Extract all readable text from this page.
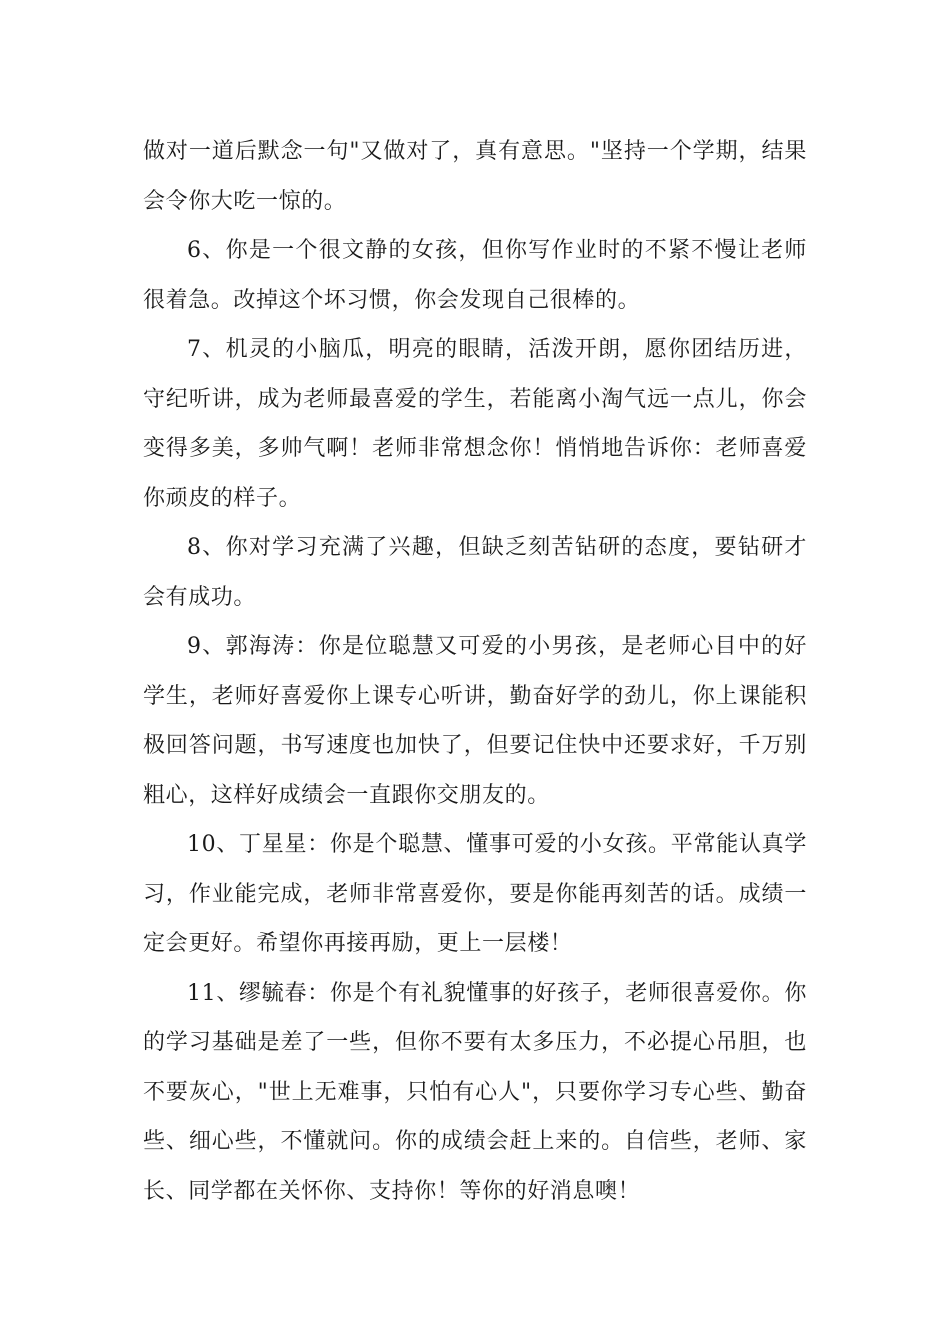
做对一道后默念一句"又做对了，真有意思。"坚持一个学期，结果会令你大吃一惊的。

6、你是一个很文静的女孩，但你写作业时的不紧不慢让老师很着急。改掉这个坏习惯，你会发现自己很棒的。

7、机灵的小脑瓜，明亮的眼睛，活泼开朗，愿你团结历进，守纪听讲，成为老师最喜爱的学生，若能离小淘气远一点儿，你会变得多美，多帅气啊！老师非常想念你！悄悄地告诉你：老师喜爱你顽皮的样子。

8、你对学习充满了兴趣，但缺乏刻苦钻研的态度，要钻研才会有成功。

9、郭海涛：你是位聪慧又可爱的小男孩，是老师心目中的好学生，老师好喜爱你上课专心听讲，勤奋好学的劲儿，你上课能积极回答问题，书写速度也加快了，但要记住快中还要求好，千万别粗心，这样好成绩会一直跟你交朋友的。

10、丁星星：你是个聪慧、懂事可爱的小女孩。平常能认真学习，作业能完成，老师非常喜爱你，要是你能再刻苦的话。成绩一定会更好。希望你再接再励，更上一层楼！

11、缪毓春：你是个有礼貌懂事的好孩子，老师很喜爱你。你的学习基础是差了一些，但你不要有太多压力，不必提心吊胆，也不要灰心，"世上无难事，只怕有心人"，只要你学习专心些、勤奋些、细心些，不懂就问。你的成绩会赶上来的。自信些，老师、家长、同学都在关怀你、支持你！等你的好消息噢！
